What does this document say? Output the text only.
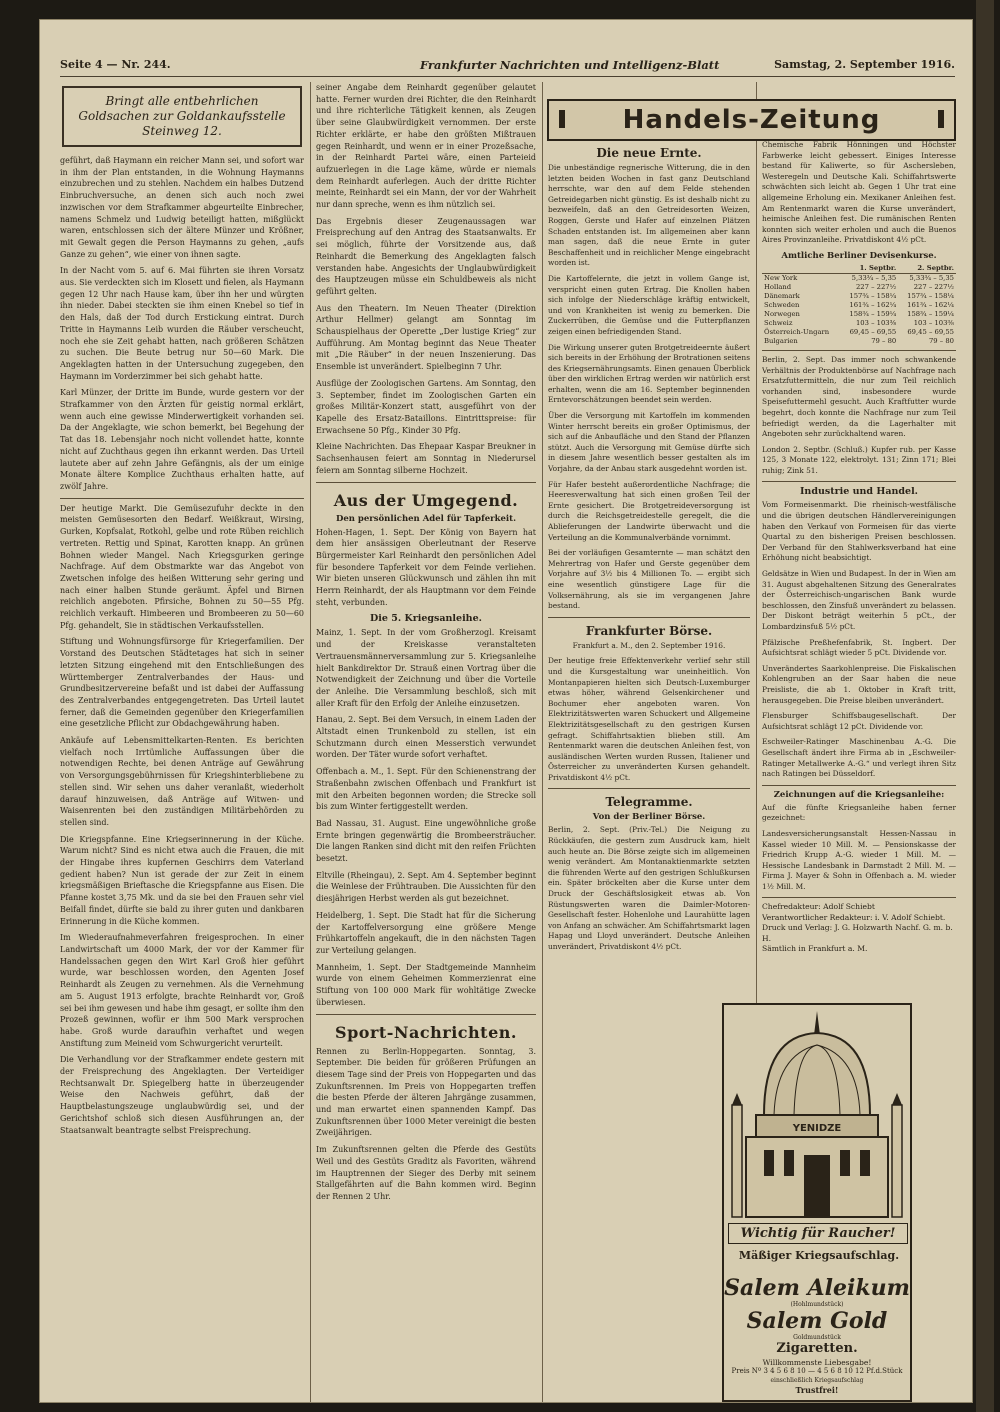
Seite 4 — Nr. 244.	Frankfurter Nachrichten und Intelligenz-Blatt	Samstag, 2. September 1916.
Bringt alle entbehrlichen Goldsachen zur Goldankaufsstelle Steinweg 12.

geführt, daß Haymann ein reicher Mann sei, und sofort war in ihm der Plan entstanden, in die Wohnung Haymanns einzubrechen und zu stehlen. Nachdem ein halbes Dutzend Einbruchversuche, an denen sich auch noch zwei inzwischen vor dem Strafkammer abgeurteilte Einbrecher, namens Schmelz und Ludwig beteiligt hatten, mißglückt waren, entschlossen sich der ältere Münzer und Krößner, mit Gewalt gegen die Person Haymanns zu gehen, „aufs Ganze zu gehen“, wie einer von ihnen sagte.

In der Nacht vom 5. auf 6. Mai führten sie ihren Vorsatz aus. Sie verdeckten sich im Klosett und fielen, als Haymann gegen 12 Uhr nach Hause kam, über ihn her und würgten ihn nieder. Dabei steckten sie ihm einen Knebel so tief in den Hals, daß der Tod durch Erstickung eintrat. Durch Tritte in Haymanns Leib wurden die Räuber verscheucht, noch ehe sie Zeit gehabt hatten, nach größeren Schätzen zu suchen. Die Beute betrug nur 50—60 Mark. Die Angeklagten hatten in der Untersuchung zugegeben, den Haymann im Vorderzimmer bei sich gehabt hatte.

Karl Münzer, der Dritte im Bunde, wurde gestern vor der Strafkammer von den Ärzten für geistig normal erklärt, wenn auch eine gewisse Minderwertigkeit vorhanden sei. Da der Angeklagte, wie schon bemerkt, bei Begehung der Tat das 18. Lebensjahr noch nicht vollendet hatte, konnte nicht auf Zuchthaus gegen ihn erkannt werden. Das Urteil lautete aber auf zehn Jahre Gefängnis, als der um einige Monate ältere Komplice Zuchthaus erhalten hatte, auf zwölf Jahre.

Der heutige Markt. Die Gemüsezufuhr deckte in den meisten Gemüsesorten den Bedarf. Weißkraut, Wirsing, Gurken, Kopfsalat, Rotkohl, gelbe und rote Rüben reichlich vertreten. Rettig und Spinat, Karotten knapp. An grünen Bohnen wieder Mangel. Nach Kriegsgurken geringe Nachfrage. Auf dem Obstmarkte war das Angebot von Zwetschen infolge des heißen Witterung sehr gering und nach einer halben Stunde geräumt. Äpfel und Birnen reichlich angeboten. Pfirsiche, Bohnen zu 50—55 Pfg. reichlich verkauft. Himbeeren und Brombeeren zu 50—60 Pfg. gehandelt, Sie in städtischen Verkaufsstellen.

Stiftung und Wohnungsfürsorge für Kriegerfamilien. Der Vorstand des Deutschen Städtetages hat sich in seiner letzten Sitzung eingehend mit den Entschließungen des Württemberger Zentralverbandes der Haus- und Grundbesitzervereine befaßt und ist dabei der Auffassung des Zentralverbandes entgegengetreten. Das Urteil lautet ferner, daß die Gemeinden gegenüber den Kriegerfamilien eine gesetzliche Pflicht zur Obdachgewährung haben.

Ankäufe auf Lebensmittelkarten-Renten. Es berichten vielfach noch Irrtümliche Auffassungen über die notwendigen Rechte, bei denen Anträge auf Gewährung von Versorgungsgebührnissen für Kriegshinterbliebene zu stellen sind. Wir sehen uns daher veranlaßt, wiederholt darauf hinzuweisen, daß Anträge auf Witwen- und Waisenrenten bei den zuständigen Militärbehörden zu stellen sind.

Die Kriegspfanne. Eine Kriegserinnerung in der Küche. Warum nicht? Sind es nicht etwa auch die Frauen, die mit der Hingabe ihres kupfernen Geschirrs dem Vaterland gedient haben? Nun ist gerade der zur Zeit in einem kriegsmäßigen Brieftasche die Kriegspfanne aus Eisen. Die Pfanne kostet 3,75 Mk. und da sie bei den Frauen sehr viel Beifall findet, dürfte sie bald zu ihrer guten und dankbaren Erinnerung in die Küche kommen.

Im Wiederaufnahmeverfahren freigesprochen. In einer Landwirtschaft um 4000 Mark, der vor der Kammer für Handelssachen gegen den Wirt Karl Groß hier geführt wurde, war beschlossen worden, den Agenten Josef Reinhardt als Zeugen zu vernehmen. Als die Vernehmung am 5. August 1913 erfolgte, brachte Reinhardt vor, Groß sei bei ihm gewesen und habe ihm gesagt, er sollte ihm den Prozeß gewinnen, wofür er ihm 500 Mark versprochen habe. Groß wurde daraufhin verhaftet und wegen Anstiftung zum Meineid vom Schwurgericht verurteilt.

Die Verhandlung vor der Strafkammer endete gestern mit der Freisprechung des Angeklagten. Der Verteidiger Rechtsanwalt Dr. Spiegelberg hatte in überzeugender Weise den Nachweis geführt, daß der Hauptbelastungszeuge unglaubwürdig sei, und der Gerichtshof schloß sich diesen Ausführungen an, der Staatsanwalt beantragte selbst Freisprechung.

seiner Angabe dem Reinhardt gegenüber gelautet hatte. Ferner wurden drei Richter, die den Reinhardt und ihre richterliche Tätigkeit kennen, als Zeugen über seine Glaubwürdigkeit vernommen. Der erste Richter erklärte, er habe den größten Mißtrauen gegen Reinhardt, und wenn er in einer Prozeßsache, in der Reinhardt Partei wäre, einen Parteieid aufzuerlegen in die Lage käme, würde er niemals dem Reinhardt auferlegen. Auch der dritte Richter meinte, Reinhardt sei ein Mann, der vor der Wahrheit nur dann spreche, wenn es ihm nützlich sei.

Das Ergebnis dieser Zeugenaussagen war Freisprechung auf den Antrag des Staatsanwalts. Er sei möglich, führte der Vorsitzende aus, daß Reinhardt die Bemerkung des Angeklagten falsch verstanden habe. Angesichts der Unglaubwürdigkeit des Hauptzeugen müsse ein Schuldbeweis als nicht geführt gelten.

Aus den Theatern. Im Neuen Theater (Direktion Arthur Hellmer) gelangt am Sonntag im Schauspielhaus der Operette „Der lustige Krieg“ zur Aufführung. Am Montag beginnt das Neue Theater mit „Die Räuber“ in der neuen Inszenierung. Das Ensemble ist unverändert. Spielbeginn 7 Uhr.

Ausflüge der Zoologischen Gartens. Am Sonntag, den 3. September, findet im Zoologischen Garten ein großes Militär-Konzert statt, ausgeführt von der Kapelle des Ersatz-Bataillons. Eintrittspreise: für Erwachsene 50 Pfg., Kinder 30 Pfg.

Kleine Nachrichten. Das Ehepaar Kaspar Breukner in Sachsenhausen feiert am Sonntag in Niederursel feiern am Sonntag silberne Hochzeit.

Aus der Umgegend.
Den persönlichen Adel für Tapferkeit.

Hohen-Hagen, 1. Sept. Der König von Bayern hat dem hier ansässigen Oberleutnant der Reserve Bürgermeister Karl Reinhardt den persönlichen Adel für besondere Tapferkeit vor dem Feinde verliehen. Wir bieten unseren Glückwunsch und zählen ihn mit Herrn Reinhardt, der als Hauptmann vor dem Feinde steht, verbunden.

Die 5. Kriegsanleihe.

Mainz, 1. Sept. In der vom Großherzogl. Kreisamt und der Kreiskasse veranstalteten Vertrauensmännerversammlung zur 5. Kriegsanleihe hielt Bankdirektor Dr. Strauß einen Vortrag über die Notwendigkeit der Zeichnung und über die Vorteile der Anleihe. Die Versammlung beschloß, sich mit aller Kraft für den Erfolg der Anleihe einzusetzen.

Hanau, 2. Sept. Bei dem Versuch, in einem Laden der Altstadt einen Trunkenbold zu stellen, ist ein Schutzmann durch einen Messerstich verwundet worden. Der Täter wurde sofort verhaftet.

Offenbach a. M., 1. Sept. Für den Schienenstrang der Straßenbahn zwischen Offenbach und Frankfurt ist mit den Arbeiten begonnen worden; die Strecke soll bis zum Winter fertiggestellt werden.

Bad Nassau, 31. August. Eine ungewöhnliche große Ernte bringen gegenwärtig die Brombeersträucher. Die langen Ranken sind dicht mit den reifen Früchten besetzt.

Eltville (Rheingau), 2. Sept. Am 4. September beginnt die Weinlese der Frühtrauben. Die Aussichten für den diesjährigen Herbst werden als gut bezeichnet.

Heidelberg, 1. Sept. Die Stadt hat für die Sicherung der Kartoffelversorgung eine größere Menge Frühkartoffeln angekauft, die in den nächsten Tagen zur Verteilung gelangen.

Mannheim, 1. Sept. Der Stadtgemeinde Mannheim wurde von einem Geheimen Kommerzienrat eine Stiftung von 100 000 Mark für wohltätige Zwecke überwiesen.

Sport-Nachrichten.

Rennen zu Berlin-Hoppegarten. Sonntag, 3. September. Die beiden für größeren Prüfungen an diesem Tage sind der Preis von Hoppegarten und das Zukunftsrennen. Im Preis von Hoppegarten treffen die besten Pferde der älteren Jahrgänge zusammen, und man erwartet einen spannenden Kampf. Das Zukunftsrennen über 1000 Meter vereinigt die besten Zweijährigen.

Im Zukunftsrennen gelten die Pferde des Gestüts Weil und des Gestüts Graditz als Favoriten, während im Hauptrennen der Sieger des Derby mit seinem Stallgefährten auf die Bahn kommen wird. Beginn der Rennen 2 Uhr.

Handels-Zeitung
Die neue Ernte.

Die unbeständige regnerische Witterung, die in den letzten beiden Wochen in fast ganz Deutschland herrschte, war den auf dem Felde stehenden Getreidegarben nicht günstig. Es ist deshalb nicht zu bezweifeln, daß an den Getreidesorten Weizen, Roggen, Gerste und Hafer auf einzelnen Plätzen Schaden entstanden ist. Im allgemeinen aber kann man sagen, daß die neue Ernte in guter Beschaffenheit und in reichlicher Menge eingebracht worden ist.

Die Kartoffelernte, die jetzt in vollem Gange ist, verspricht einen guten Ertrag. Die Knollen haben sich infolge der Niederschläge kräftig entwickelt, und von Krankheiten ist wenig zu bemerken. Die Zuckerrüben, die Gemüse und die Futterpflanzen zeigen einen befriedigenden Stand.

Die Wirkung unserer guten Brotgetreideernte äußert sich bereits in der Erhöhung der Brotrationen seitens des Kriegsernährungsamts. Einen genauen Überblick über den wirklichen Ertrag werden wir natürlich erst erhalten, wenn die am 16. September beginnenden Erntevorschätzungen beendet sein werden.

Über die Versorgung mit Kartoffeln im kommenden Winter herrscht bereits ein großer Optimismus, der sich auf die Anbaufläche und den Stand der Pflanzen stützt. Auch die Versorgung mit Gemüse dürfte sich in diesem Jahre wesentlich besser gestalten als im Vorjahre, da der Anbau stark ausgedehnt worden ist.

Für Hafer besteht außerordentliche Nachfrage; die Heeresverwaltung hat sich einen großen Teil der Ernte gesichert. Die Brotgetreideversorgung ist durch die Reichsgetreidestelle geregelt, die die Ablieferungen der Landwirte überwacht und die Verteilung an die Kommunalverbände vornimmt.

Bei der vorläufigen Gesamternte — man schätzt den Mehrertrag von Hafer und Gerste gegenüber dem Vorjahre auf 3½ bis 4 Millionen To. — ergibt sich eine wesentlich günstigere Lage für die Volksernährung, als sie im vergangenen Jahre bestand.

Frankfurter Börse.

Frankfurt a. M., den 2. September 1916.

Der heutige freie Effektenverkehr verlief sehr still und die Kursgestaltung war uneinheitlich. Von Montanpapieren hielten sich Deutsch-Luxemburger etwas höher, während Gelsenkirchener und Bochumer eher angeboten waren. Von Elektrizitätswerten waren Schuckert und Allgemeine Elektrizitätsgesellschaft zu den gestrigen Kursen gefragt. Schiffahrtsaktien blieben still. Am Rentenmarkt waren die deutschen Anleihen fest, von ausländischen Werten wurden Russen, Italiener und Österreicher zu unveränderten Kursen gehandelt. Privatdiskont 4½ pCt.

Telegramme.
Von der Berliner Börse.

Berlin, 2. Sept. (Priv.-Tel.) Die Neigung zu Rückkäufen, die gestern zum Ausdruck kam, hielt auch heute an. Die Börse zeigte sich im allgemeinen wenig verändert. Am Montanaktienmarkte setzten die führenden Werte auf den gestrigen Schlußkursen ein. Später bröckelten aber die Kurse unter dem Druck der Geschäftslosigkeit etwas ab. Von Rüstungswerten waren die Daimler-Motoren-Gesellschaft fester. Hohenlohe und Laurahütte lagen von Anfang an schwächer. Am Schiffahrtsmarkt lagen Hapag und Lloyd unverändert. Deutsche Anleihen unverändert, Privatdiskont 4½ pCt.

Chemische Fabrik Hönningen und Höchster Farbwerke leicht gebessert. Einiges Interesse bestand für Kaliwerte, so für Aschersleben, Westeregeln und Deutsche Kali. Schiffahrtswerte schwächten sich leicht ab. Gegen 1 Uhr trat eine allgemeine Erholung ein. Mexikaner Anleihen fest. Am Rentenmarkt waren die Kurse unverändert, heimische Anleihen fest. Die rumänischen Renten konnten sich weiter erholen und auch die Buenos Aires Provinzanleihe. Privatdiskont 4½ pCt.

Amtliche Berliner Devisenkurse.
	1. Septbr.	2. Septbr.
New York	5,33¾ – 5,35	5,33¾ – 5,35
Holland	227 – 227½	227 – 227½
Dänemark	157¾ – 158¼	157¾ – 158¼
Schweden	161¾ – 162¼	161¾ – 162¼
Norwegen	158¾ – 159¼	158¾ – 159¼
Schweiz	103 – 103⅜	103 – 103⅜
Österreich-Ungarn	69,45 – 69,55	69,45 – 69,55
Bulgarien	79 – 80	79 – 80

Berlin, 2. Sept. Das immer noch schwankende Verhältnis der Produktenbörse auf Nachfrage nach Ersatzfuttermitteln, die nur zum Teil reichlich vorhanden sind, insbesondere wurde Speisefuttermehl gesucht. Auch Kraftfutter wurde begehrt, doch konnte die Nachfrage nur zum Teil befriedigt werden, da die Lagerhalter mit Angeboten sehr zurückhaltend waren.

London 2. Septbr. (Schluß.) Kupfer rub. per Kasse 125, 3 Monate 122, elektrolyt. 131; Zinn 171; Blei ruhig; Zink 51.

Industrie und Handel.

Vom Formeisenmarkt. Die rheinisch-westfälische und die übrigen deutschen Händlervereinigungen haben den Verkauf von Formeisen für das vierte Quartal zu den bisherigen Preisen beschlossen. Der Verband für den Stahlwerksverband hat eine Erhöhung nicht beabsichtigt.

Geldsätze in Wien und Budapest. In der in Wien am 31. August abgehaltenen Sitzung des Generalrates der Österreichisch-ungarischen Bank wurde beschlossen, den Zinsfuß unverändert zu belassen. Der Diskont beträgt weiterhin 5 pCt., der Lombardzinsfuß 5½ pCt.

Pfälzische Preßhefenfabrik, St. Ingbert. Der Aufsichtsrat schlägt wieder 5 pCt. Dividende vor.

Unverändertes Saarkohlenpreise. Die Fiskalischen Kohlengruben an der Saar haben die neue Preisliste, die ab 1. Oktober in Kraft tritt, herausgegeben. Die Preise bleiben unverändert.

Flensburger Schiffsbaugesellschaft. Der Aufsichtsrat schlägt 12 pCt. Dividende vor.

Eschweiler-Ratinger Maschinenbau A.-G. Die Gesellschaft ändert ihre Firma ab in „Eschweiler-Ratinger Metallwerke A.-G.“ und verlegt ihren Sitz nach Ratingen bei Düsseldorf.

Zeichnungen auf die Kriegsanleihe:

Auf die fünfte Kriegsanleihe haben ferner gezeichnet:

Landesversicherungsanstalt Hessen-Nassau in Kassel wieder 10 Mill. M. — Pensionskasse der Friedrich Krupp A.-G. wieder 1 Mill. M. — Hessische Landesbank in Darmstadt 2 Mill. M. — Firma J. Mayer & Sohn in Offenbach a. M. wieder 1½ Mill. M.

Chefredakteur: Adolf Schiebt
Verantwortlicher Redakteur: i. V. Adolf Schiebt.
Druck und Verlag: J. G. Holzwarth Nachf. G. m. b. H.
Sämtlich in Frankfurt a. M.
YENIDZE
Wichtig für Raucher!
Mäßiger Kriegsaufschlag.
Salem Aleikum
(Hohlmundstück)
Salem Gold
Goldmundstück
Zigaretten.
Willkommenste Liebesgabe!
Preis Nº 3 4 5 6 8 10 — 4 5 6 8 10 12 Pf.d.Stück
einschließlich Kriegsaufschlag
Trustfrei!
